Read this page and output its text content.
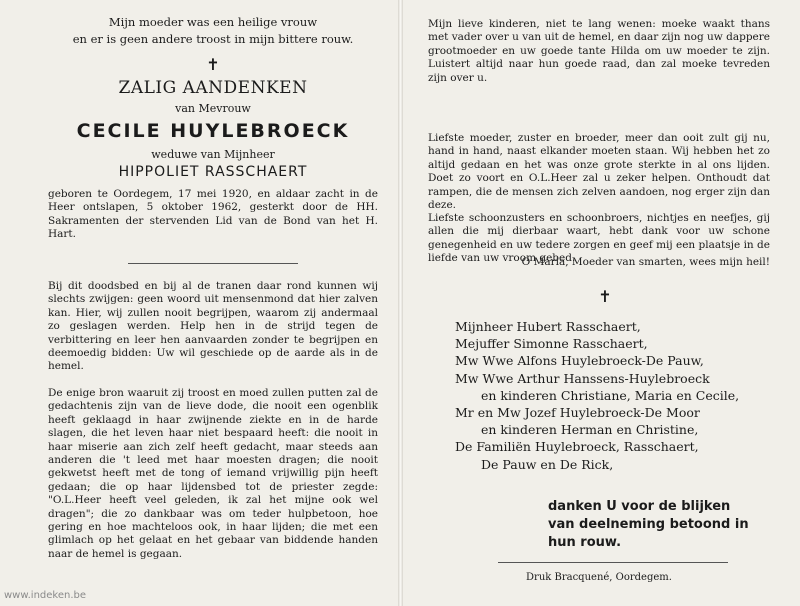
Mijn moeder was een heilige vrouw
en er is geen andere troost in mijn bittere rouw.
✝
ZALIG AANDENKEN
van Mevrouw
CECILE HUYLEBROECK
weduwe van Mijnheer
HIPPOLIET RASSCHAERT
geboren te Oordegem, 17 mei 1920, en aldaar zacht in de Heer ontslapen, 5 oktober 1962, gesterkt door de HH. Sakramenten der stervenden Lid van de Bond van het H. Hart.
Bij dit doodsbed en bij al de tranen daar rond kunnen wij slechts zwijgen: geen woord uit mensenmond dat hier zalven kan. Hier, wij zullen nooit begrijpen, waarom zij andermaal zo geslagen werden. Help hen in de strijd tegen de verbittering en leer hen aanvaarden zonder te begrijpen en deemoedig bidden: Uw wil geschiede op de aarde als in de hemel.
De enige bron waaruit zij troost en moed zullen putten zal de gedachtenis zijn van de lieve dode, die nooit een ogenblik heeft geklaagd in haar zwijnende ziekte en in de harde slagen, die het leven haar niet bespaard heeft: die nooit in haar miserie aan zich zelf heeft gedacht, maar steeds aan anderen die 't leed met haar moesten dragen; die nooit gekwetst heeft met de tong of iemand vrijwillig pijn heeft gedaan; die op haar lijdensbed tot de priester zegde: "O.L.Heer heeft veel geleden, ik zal het mijne ook wel dragen"; die zo dankbaar was om teder hulpbetoon, hoe gering en hoe machteloos ook, in haar lijden; die met een glimlach op het gelaat en het gebaar van biddende handen naar de hemel is gegaan.
Mijn lieve kinderen, niet te lang wenen: moeke waakt thans met vader over u van uit de hemel, en daar zijn nog uw dappere grootmoeder en uw goede tante Hilda om uw moeder te zijn. Luistert altijd naar hun goede raad, dan zal moeke tevreden zijn over u.
Liefste moeder, zuster en broeder, meer dan ooit zult gij nu, hand in hand, naast elkander moeten staan. Wij hebben het zo altijd gedaan en het was onze grote sterkte in al ons lijden. Doet zo voort en O.L.Heer zal u zeker helpen. Onthoudt dat rampen, die de mensen zich zelven aandoen, nog erger zijn dan deze.
Liefste schoonzusters en schoonbroers, nichtjes en neefjes, gij allen die mij dierbaar waart, hebt dank voor uw schone genegenheid en uw tedere zorgen en geef mij een plaatsje in de liefde van uw vroom gebed.
O Maria, Moeder van smarten, wees mijn heil!
✝
Mijnheer Hubert Rasschaert,
Mejuffer Simonne Rasschaert,
Mw Wwe Alfons Huylebroeck-De Pauw,
Mw Wwe Arthur Hanssens-Huylebroeck
en kinderen Christiane, Maria en Cecile,
Mr en Mw Jozef Huylebroeck-De Moor
en kinderen Herman en Christine,
De Familiën Huylebroeck, Rasschaert,
De Pauw en De Rick,
danken U voor de blijken
van deelneming betoond in
hun rouw.
Druk Bracquené, Oordegem.
www.indeken.be
